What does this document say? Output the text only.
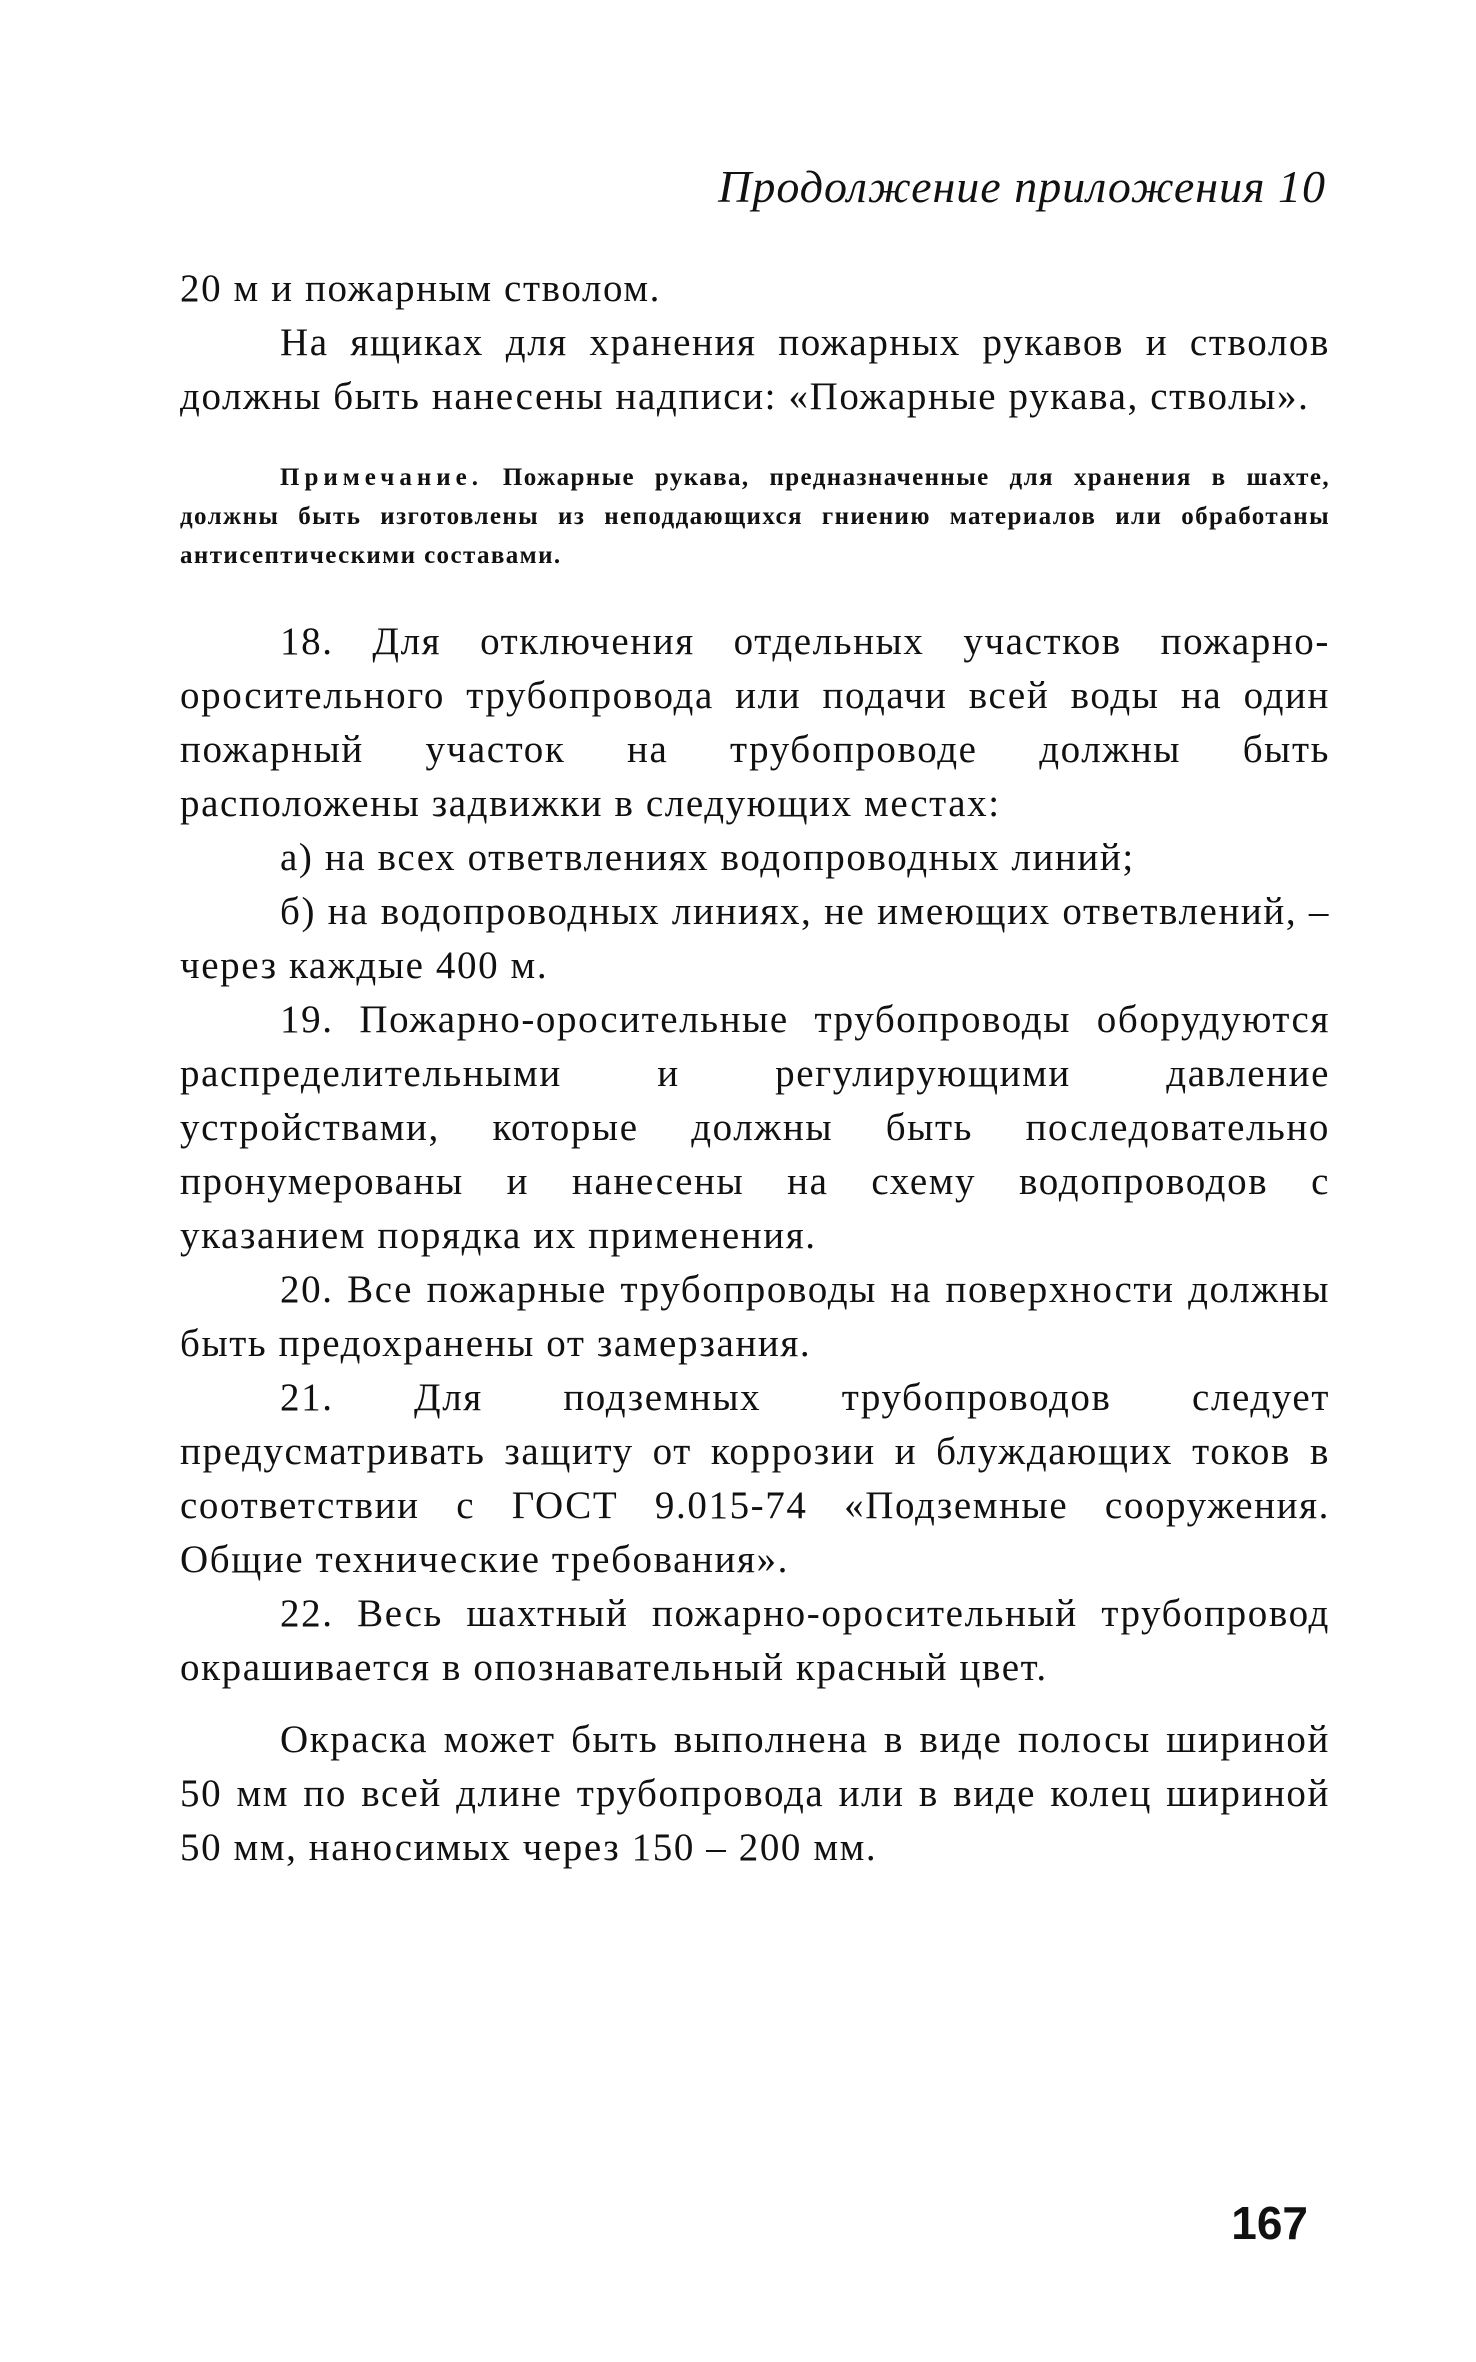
Продолжение приложения 10

20 м и пожарным стволом.

На ящиках для хранения пожарных рукавов и стволов должны быть нанесены надписи: «Пожарные рукава, стволы».

Примечание. Пожарные рукава, предназначенные для хранения в шахте, должны быть изготовлены из неподдающихся гниению материалов или обработаны антисептическими составами.

18. Для отключения отдельных участков пожарно-оросительного трубопровода или подачи всей воды на один пожарный участок на трубопроводе должны быть расположены задвижки в следующих местах:

а) на всех ответвлениях водопроводных линий;

б) на водопроводных линиях, не имеющих ответвлений, – через каждые 400 м.

19. Пожарно-оросительные трубопроводы оборудуются распределительными и регулирующими давление устройствами, которые должны быть последовательно пронумерованы и нанесены на схему водопроводов с указанием порядка их применения.

20. Все пожарные трубопроводы на поверхности должны быть предохранены от замерзания.

21. Для подземных трубопроводов следует предусматривать защиту от коррозии и блуждающих токов в соответствии с ГОСТ 9.015-74 «Подземные сооружения. Общие технические требования».

22. Весь шахтный пожарно-оросительный трубопровод окрашивается в опознавательный красный цвет.

Окраска может быть выполнена в виде полосы шириной 50 мм по всей длине трубопровода или в виде колец шириной 50 мм, наносимых через 150 – 200 мм.

167
